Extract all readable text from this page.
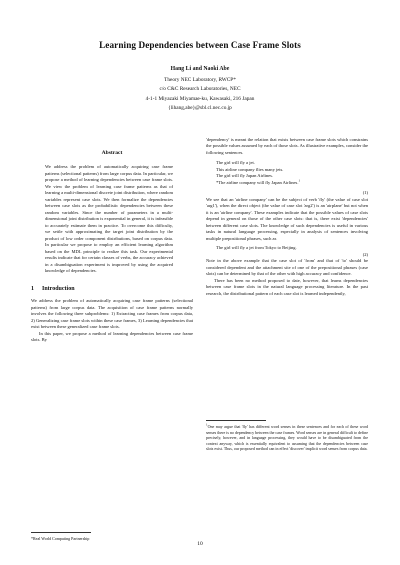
Learning Dependencies between Case Frame Slots
Hang Li and Naoki Abe
Theory NEC Laboratory, RWCP*
c/o C&C Research Laboratories, NEC
4-1-1 Miyazaki Miyamae-ku, Kawasaki, 216 Japan
{lihang,abe}@sbl.cl.nec.co.jp
Abstract

We address the problem of automatically acquiring case frame patterns (selectional patterns) from large corpus data. In particular, we propose a method of learning dependencies between case frame slots. We view the problem of learning case frame patterns as that of learning a multi-dimensional discrete joint distribution, where random variables represent case slots. We then formalize the dependencies between case slots as the probabilistic dependencies between these random variables. Since the number of parameters in a multi-dimensional joint distribution is exponential in general, it is infeasible to accurately estimate them in practice. To overcome this difficulty, we settle with approximating the target joint distribution by the product of low order component distributions, based on corpus data. In particular we propose to employ an efficient learning algorithm based on the MDL principle to realize this task. Our experimental results indicate that for certain classes of verbs, the accuracy achieved in a disambiguation experiment is improved by using the acquired knowledge of dependencies.

1 Introduction

We address the problem of automatically acquiring case frame patterns (selectional patterns) from large corpus data. The acquisition of case frame patterns normally involves the following three subproblems: 1) Extracting case frames from corpus data, 2) Generalizing case frame slots within these case frames, 3) Learning dependencies that exist between these generalized case frame slots.

In this paper, we propose a method of learning dependencies between case frame slots. By

*Real World Computing Partnership

'dependency' is meant the relation that exists between case frame slots which constrains the possible values assumed by each of those slots. As illustrative examples, consider the following sentences.

The girl will fly a jet.
This airline company flies many jets.
The girl will fly Japan Airlines.
*The airline company will fly Japan Airlines.$^1$
(1)

We see that an 'airline company' can be the subject of verb 'fly' (the value of case slot 'arg1'), when the direct object (the value of case slot 'arg2') is an 'airplane' but not when it is an 'airline company'. These examples indicate that the possible values of case slots depend in general on those of the other case slots: that is, there exist 'dependencies' between different case slots. The knowledge of such dependencies is useful in various tasks in natural language processing, especially in analysis of sentences involving multiple prepositional phrases, such as

The girl will fly a jet from Tokyo to Beijing.
(2)

Note in the above example that the case slot of 'from' and that of 'to' should be considered dependent and the attachment site of one of the prepositional phrases (case slots) can be determined by that of the other with high accuracy and confidence.

There has been no method proposed to date, however, that learns dependencies between case frame slots in the natural language processing literature. In the past research, the distributional pattern of each case slot is learned independently,

$^1$One may argue that 'fly' has different word senses in these sentences and for each of these word senses there is no dependency between the case frames. Word senses are in general difficult to define precisely, however, and in language processing, they would have to be disambiguated from the context anyway, which is essentially equivalent to assuming that the dependencies between case slots exist. Thus, our proposed method can in effect 'discover' implicit word senses from corpus data.
10
